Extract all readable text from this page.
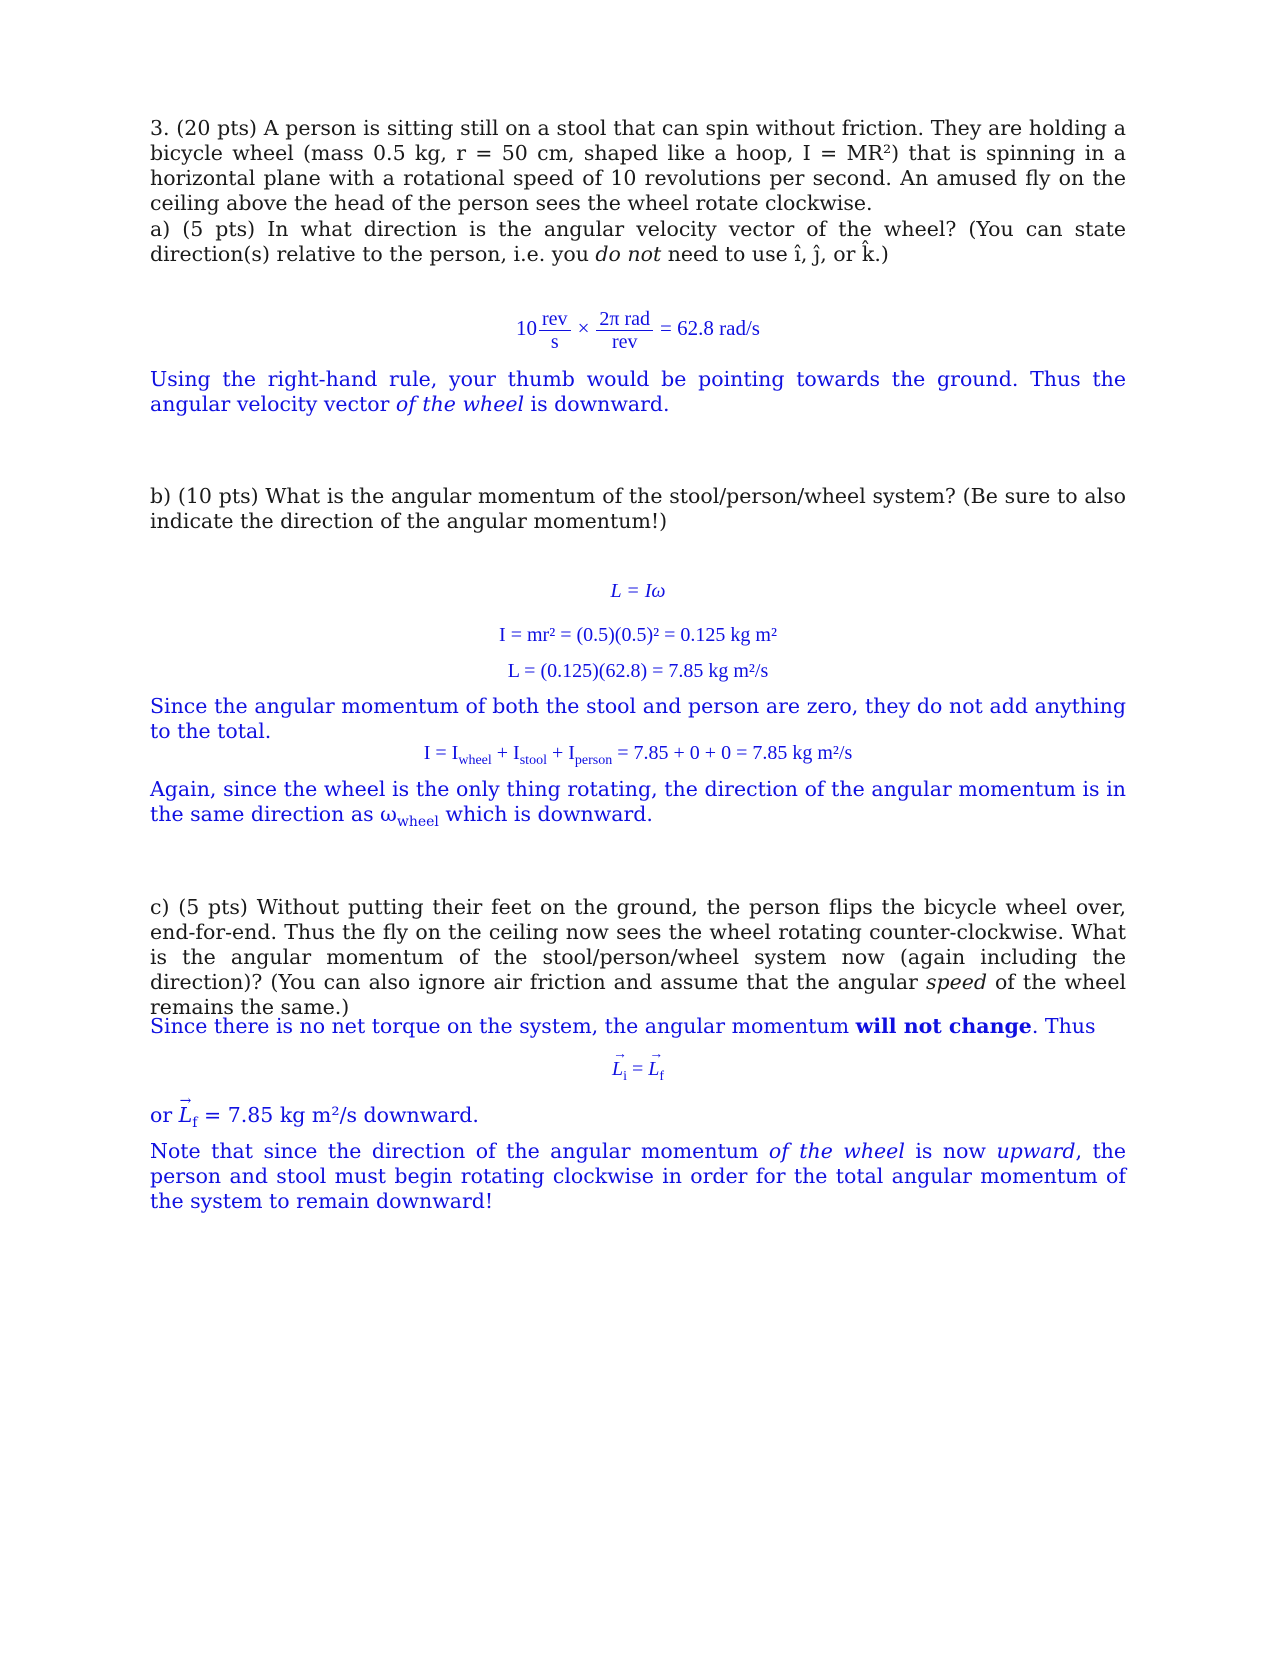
3. (20 pts) A person is sitting still on a stool that can spin without friction. They are holding a bicycle wheel (mass 0.5 kg, r = 50 cm, shaped like a hoop, I = MR²) that is spinning in a horizontal plane with a rotational speed of 10 revolutions per second. An amused fly on the ceiling above the head of the person sees the wheel rotate clockwise.
a) (5 pts) In what direction is the angular velocity vector of the wheel? (You can state direction(s) relative to the person, i.e. you do not need to use î, ĵ, or k̂.)
$10 \frac{\text{rev}}{s} \times \frac{\text{2π rad}}{\text{rev}} = 62.8$ rad/s
Using the right-hand rule, your thumb would be pointing towards the ground. Thus the angular velocity vector of the wheel is downward.
b) (10 pts) What is the angular momentum of the stool/person/wheel system? (Be sure to also indicate the direction of the angular momentum!)
L = Iω
I = mr² = (0.5)(0.5)² = 0.125 kg m²
L = (0.125)(62.8) = 7.85 kg m²/s
Since the angular momentum of both the stool and person are zero, they do not add anything to the total.
$I = I_{wheel} + I_{stool} + I_{person} = 7.85 + 0 + 0 = 7.85$ kg m²/s
Again, since the wheel is the only thing rotating, the direction of the angular momentum is in the same direction as $\omega_{wheel}$ which is downward.
c) (5 pts) Without putting their feet on the ground, the person flips the bicycle wheel over, end-for-end. Thus the fly on the ceiling now sees the wheel rotating counter-clockwise. What is the angular momentum of the stool/person/wheel system now (again including the direction)? (You can also ignore air friction and assume that the angular speed of the wheel remains the same.)
Since there is no net torque on the system, the angular momentum will not change. Thus
→ $L_i$ = → $L_f$
or → $L_f = 7.85$ kg m²/s downward.
Note that since the direction of the angular momentum of the wheel is now upward, the person and stool must begin rotating clockwise in order for the total angular momentum of the system to remain downward!
